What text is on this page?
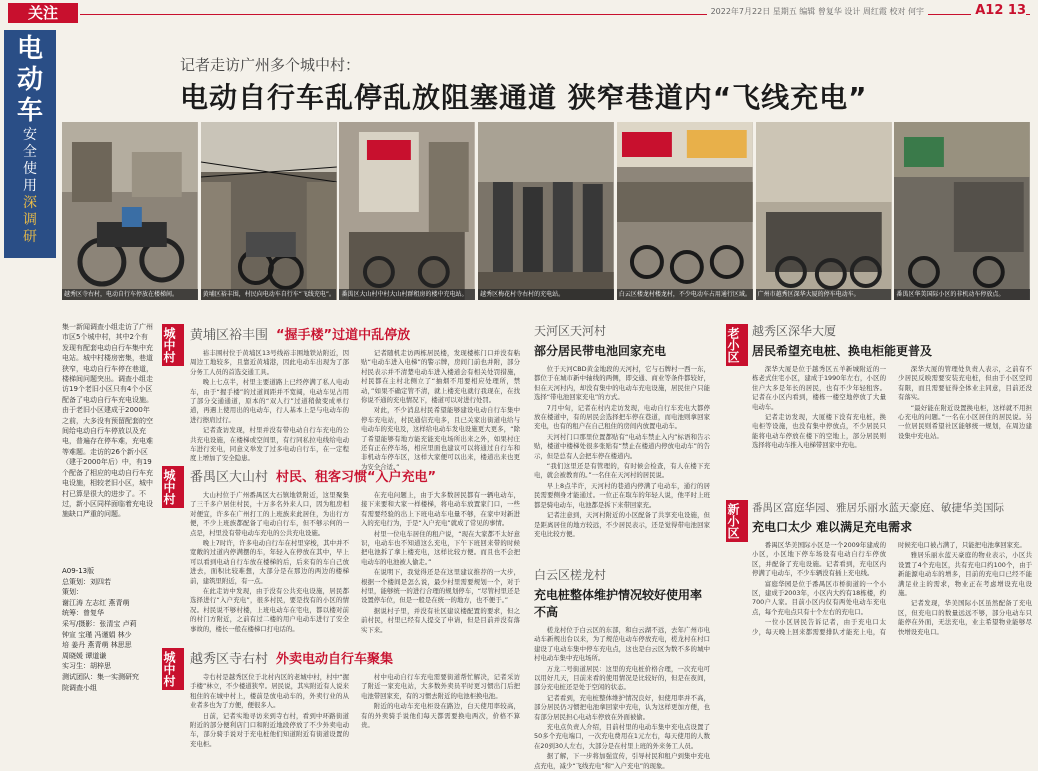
关注	2022年7月22日 星期五 编辑 曾复华 设计 周红霞 校对 何宇	A12 13
电
动
车
安
全
使
用
深
调
研
记者走访广州多个城中村：
电动自行车乱停乱放阻塞通道 狭窄巷道内“飞线充电”
越秀区寺右村，电动自行车停放在楼梯间。	黄埔区裕丰围，村民向电动车自行车“飞线充电”。	番禺区大山村中村大山村群租房的楼中充电站。	越秀区梅花村寺右村的充电站。	白云区楼龙村楼龙村，不少电动车占用通行区域。	广州市越秀区深华大厦的停车电动车。	番禺区华美国际小区的非机动车停放点。
集一新闻调查小组走访了广州市区5个城中村，其中2个有发现有配套电动自行车集中充电站。城中村楼房密集，巷道狭窄，电动自行车停在巷道，楼梯间问题突出。调查小组走访19个老旧小区只有4个小区配备了电动自行车充电设施。由于老旧小区建成于2000年之前，大多没有预留配套的空间给电动自行车停放以及充电，普遍存在停车难，充电难等难题。走访的26个新小区（建于2000年后）中，有19个配备了相应的电动自行车充电设施，相较老旧小区，城中村已算是很大的进步了。不过，新小区同样面临着充电设施缺口严重的问题。
A09-13版
总策划：刘四若
策划：
谢江涛 左志红 燕青萌
统筹：曾复华
采写/摄影：张清宝 卢莉
钟宣 宝瑾 冯谨娟 林少
培 姜丹 燕青萌 林思思
周晓媛 谭道谦
实习生：胡梓思
测试团队：集一实测研究
院调查小组
城中村
城中村
城中村
黄埔区裕丰围 “握手楼”过道中乱停放

裕丰围村位于黄埔区13号线裕丰围地铁站附近，因周边工地较多，且靠近黄埔港，因此电动车出现为了部分务工人员的首选交通工具。

晚上七点半，村里主要道路上已经停满了私人电动车，由于“握手楼”的过道间距并不宽阔，电动车见占用了部分交通通道，原本的“双人行”过道稍做变成单行道，再遇上使用出的电动车，行人基本上是与电动车的进行擦肩过行。

记者查访发现，村里并没有带电动自行车充电的公共充电设施，在楼梯或空间里，有行同私拉电线给电动车进行充电，同意义举发了过多电动自行车，在一定程度上增加了安全隐患。

记者随机走访两栋居民楼，发现楼栋门口并没有粘贴“电动车进入电梯”的警示牌，房间门前也并附，部分村民表示并不清楚电动车进入楼道会有相关处罚措施，村民都在主村北侧立了“抽烟不用要相应处理所，禁动，”如果不确定管不清，就上楼充电就行我现在，在找你说不通的充电情况下，楼道可以对进行处罚。

对此，不少消息村民希望能够建设电动自行车集中停车充电站，村民通信充电多，且已关家出街道电给与电动车的充电及，这样给电动车发电设施更大更多，“除了希望能够有地方能充能充电场所出来之外，如果村庄还有正在停车场，相应里面也建议可以将通过自行车和非机动车停车区，这样大家便可以出来，楼道出来也更为安全合适。”

番禺区大山村 村民、租客习惯“入户充电”

大山村位于广州番禺区大石镇地铁附近，这里聚集了三千多户居住村民，十万多名外来人口，因为租房相对便宜，许多在广州打工的上班族来此居住，为出行方便，不少上班族都配备了电动自行车，但不够示何的一点是，村里没有带电动车充电的公共充电设施。

晚上7时许，许多电动自行车在村里穿梭，其中并不宽敞的过道内停满摆的车，年轻入在停放在其中，早上可以看到电动自行车放在楼梯的后，后来有的车自己放进去，面积比较难想，大部分是在那边的两边的楼梯前，建筑里附近，有一点。

在此走访中发现，由于没有公共充电设施，居民都选择进行“入户充电”，很多村民，要是找有的小区的情况。村民说不够村楼，上班电动车在宅电，都以楼对前的村门方附近，之前有过二楼的用户电动车进行了安全事故的，楼长一般在楼梯口打电话的。

在充电问题上，由于大多数居民都有一辆电动车，接下来要和大家一样楼梯，将电动车放置家门口，一些有需要经验的出上下班电动车电量不够，在家中对新进入的充电行为，于是“入户充电”就成了常见的事情。

村里一位电车居住的租户说，“现在大家都不太好意识，电动车也不知道这么充电，下午下班回来带的时候把电池拆了拿上楼充电，这样比较方便。而且也不会把电动车的电池被人偷走。”

在说明下，我觉得还是在这里建议推荐的一大步，根据一个楼间是怎么说，最少村里需要规划一个，对于村里，能够统一的进行合理的规划停车，“尽管村里还是设置停车位，但是一般是在统一的地方，也不便于。”

据说村子里，并没有社区建议楼配置的要求，但之前村民，村里已经有人提交了申请，但是目前并没有落实下来。

越秀区寺右村 外卖电动自行车聚集

寺右村是越秀区位于北村内区的老城中村，村中“握手楼”林立，不少楼道狭窄。居民说，其实附近有人说来租住的在城中村上，楼前是放电动车的，外卖行业的从业者多也为了方便，便很多人。

日前，记者实地寻访来到寺右村，看到中环路街道附近的部分便利店门口和附近地段停放了不少外卖电动车，部分骑手说对于充电桩他们知道附近有街道设置的充电柜。

村中电动自行车充电需要街道帮忙解决，记者采访了附近一家充电站，大多数外卖员平时更习惯出门后把电池带回家充，有的习惯去附近的电池柜换电池。

附近的电动车充电柜设在路边，白天使用率较高，有的外卖骑手说他们每天都需要换电两次，价格不算贵。

天河区天河村
部分居民带电池回家充电

位于天河CBD黄金地段的天河村，它与石牌村一西一东，都位于在城市新中轴线的两侧，即交通、商业等条件都较好，但在天河村内，却没有集中的电动车充电设施，居民住户只能选择“带电池回家充电”的方式。

7月中旬，记者在村内走访发现，电动自行车充电大都停放在楼道中，有的居民会选择把车停在巷道，而电池则拿回家充电，也有的租户在自己租住的房间内放置电动车。

天河村门口那里位置都贴有“电动车禁止入内”标语和告示贴，楼道中楼梯处很多张贴有“禁止在楼道内停放电动车”的告示，但是总有人会把车停在楼道内。

“我们这里还是有管理的，有时候会检查，有人在楼下充电，就会被教育的。”一名住在天河村的居民说。

早上8点半许，天河村的巷道内停满了电动车，通行的居民需要侧身才能通过。一位正在取车的年轻人说，他平时上班都是骑电动车，电池都是拆下来带回家充。

记者注意到，天河村附近的小区配备了共享充电设施，但是距离居住的地方较远，不少居民表示，还是觉得带电池回家充电比较方便。

白云区槎龙村
充电桩整体维护情况较好使用率不高

槎龙村位于白云区的东部，和白云湖不远，去年广州市电动车新规出台以来，为了规范电动车停放充电，槎龙村在村口建设了电动车集中停车充电点，这也是白云区为数不多的城中村电动车集中充电场所。

万龙二号街道居民：这里的充电桩价格合理，一次充电可以用好几天，目前来看的使用情况是比较好的，但是在夜间，部分充电桩还是处于空闲的状态。

记者看到，充电桩整体维护情况良好，但使用率并不高，部分居民仍习惯把电池拿回家中充电，认为这样更加方便，也有部分居民担心电动车停放在外面被偷。

充电点负责人介绍，目前村里的电动车集中充电点设置了50多个充电端口，一次充电费用在1元左右，每天使用的人数在20到30人左右，大部分是在村里上班的外来务工人员。

据了解，下一步将加强宣传，引导村民和租户到集中充电点充电，减少“飞线充电”和“入户充电”的现象。

老小区
新小区
越秀区深华大厦
居民希望充电桩、换电柜能更普及

深华大厦是位于越秀区五羊新城附近的一栋老式住宅小区，建成于1990年左右，小区的住户大多是年长的居民，也有不少年轻租客。记者在小区内看到，楼栋一楼空地停放了大量电动车。

记者走访发现，大厦楼下没有充电桩，换电柜等设施，也没有集中停放点，不少居民只能将电动车停放在楼下的空地上，部分居民则选择将电动车推入电梯带回家中充电。

深华大厦的管理处负责人表示，之前有不少居民反映需要安装充电桩，但由于小区空间有限，而且需要征得全体业主同意，目前还没有落实。

“最好能在附近设置换电柜，这样就不用担心充电的问题。”一名在小区居住的居民说。另一位居民则希望社区能够统一规划，在周边建设集中充电站。

番禺区富庭华园、雅居乐丽水蓝天豪庭、敏捷华美国际
充电口太少 难以满足充电需求

番禺区华美国际小区是一个2009年建成的小区，小区地下停车场设有电动自行车停放区，并配备了充电设施。记者看到，充电区内停满了电动车，不少车辆没有插上充电线。

富庭华园是位于番禺区市桥街道的一个小区，建成于2003年，小区内大约有18栋楼，约700户人家。目前小区内仅有两处电动车充电点，每个充电点只有十个左右的充电口。

一位小区居民告诉记者，由于充电口太少，每天晚上回来都需要排队才能充上电，有时候充电口被占满了，只能把电池拿回家充。

雅居乐丽水蓝天豪庭的物业表示，小区共设置了4个充电区，共有充电口约100个，由于新能源电动车的增多，目前的充电口已经不能满足业主的需求，物业正在考虑增设充电设施。

记者发现，华美国际小区虽然配备了充电区，但充电口的数量远远不够，部分电动车只能停在外面，无法充电，业主希望物业能够尽快增设充电口。
